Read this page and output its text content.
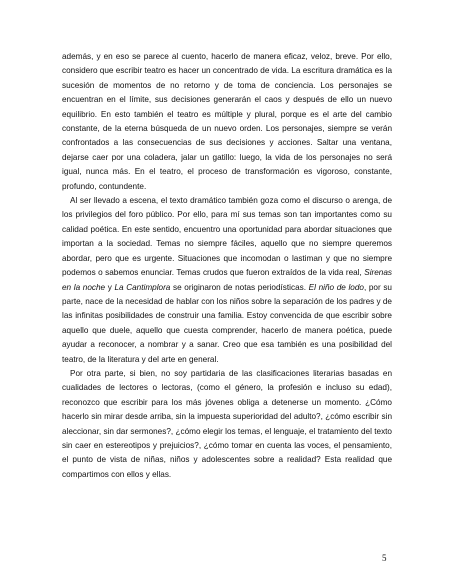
además, y en eso se parece al cuento, hacerlo de manera eficaz, veloz, breve. Por ello, considero que escribir teatro es hacer un concentrado de vida. La escritura dramática es la sucesión de momentos de no retorno y de toma de conciencia. Los personajes se encuentran en el límite, sus decisiones generarán el caos y después de ello un nuevo equilibrio. En esto también el teatro es múltiple y plural, porque es el arte del cambio constante, de la eterna búsqueda de un nuevo orden. Los personajes, siempre se verán confrontados a las consecuencias de sus decisiones y acciones. Saltar una ventana, dejarse caer por una coladera, jalar un gatillo: luego, la vida de los personajes no será igual, nunca más. En el teatro, el proceso de transformación es vigoroso, constante, profundo, contundente.

Al ser llevado a escena, el texto dramático también goza como el discurso o arenga, de los privilegios del foro público. Por ello, para mí sus temas son tan importantes como su calidad poética. En este sentido, encuentro una oportunidad para abordar situaciones que importan a la sociedad. Temas no siempre fáciles, aquello que no siempre queremos abordar, pero que es urgente. Situaciones que incomodan o lastiman y que no siempre podemos o sabemos enunciar. Temas crudos que fueron extraídos de la vida real, Sirenas en la noche y La Cantimplora se originaron de notas periodísticas. El niño de lodo, por su parte, nace de la necesidad de hablar con los niños sobre la separación de los padres y de las infinitas posibilidades de construir una familia. Estoy convencida de que escribir sobre aquello que duele, aquello que cuesta comprender, hacerlo de manera poética, puede ayudar a reconocer, a nombrar y a sanar. Creo que esa también es una posibilidad del teatro, de la literatura y del arte en general.

Por otra parte, si bien, no soy partidaria de las clasificaciones literarias basadas en cualidades de lectores o lectoras, (como el género, la profesión e incluso su edad), reconozco que escribir para los más jóvenes obliga a detenerse un momento. ¿Cómo hacerlo sin mirar desde arriba, sin la impuesta superioridad del adulto?, ¿cómo escribir sin aleccionar, sin dar sermones?, ¿cómo elegir los temas, el lenguaje, el tratamiento del texto sin caer en estereotipos y prejuicios?, ¿cómo tomar en cuenta las voces, el pensamiento, el punto de vista de niñas, niños y adolescentes sobre a realidad? Esta realidad que compartimos con ellos y ellas.

5
